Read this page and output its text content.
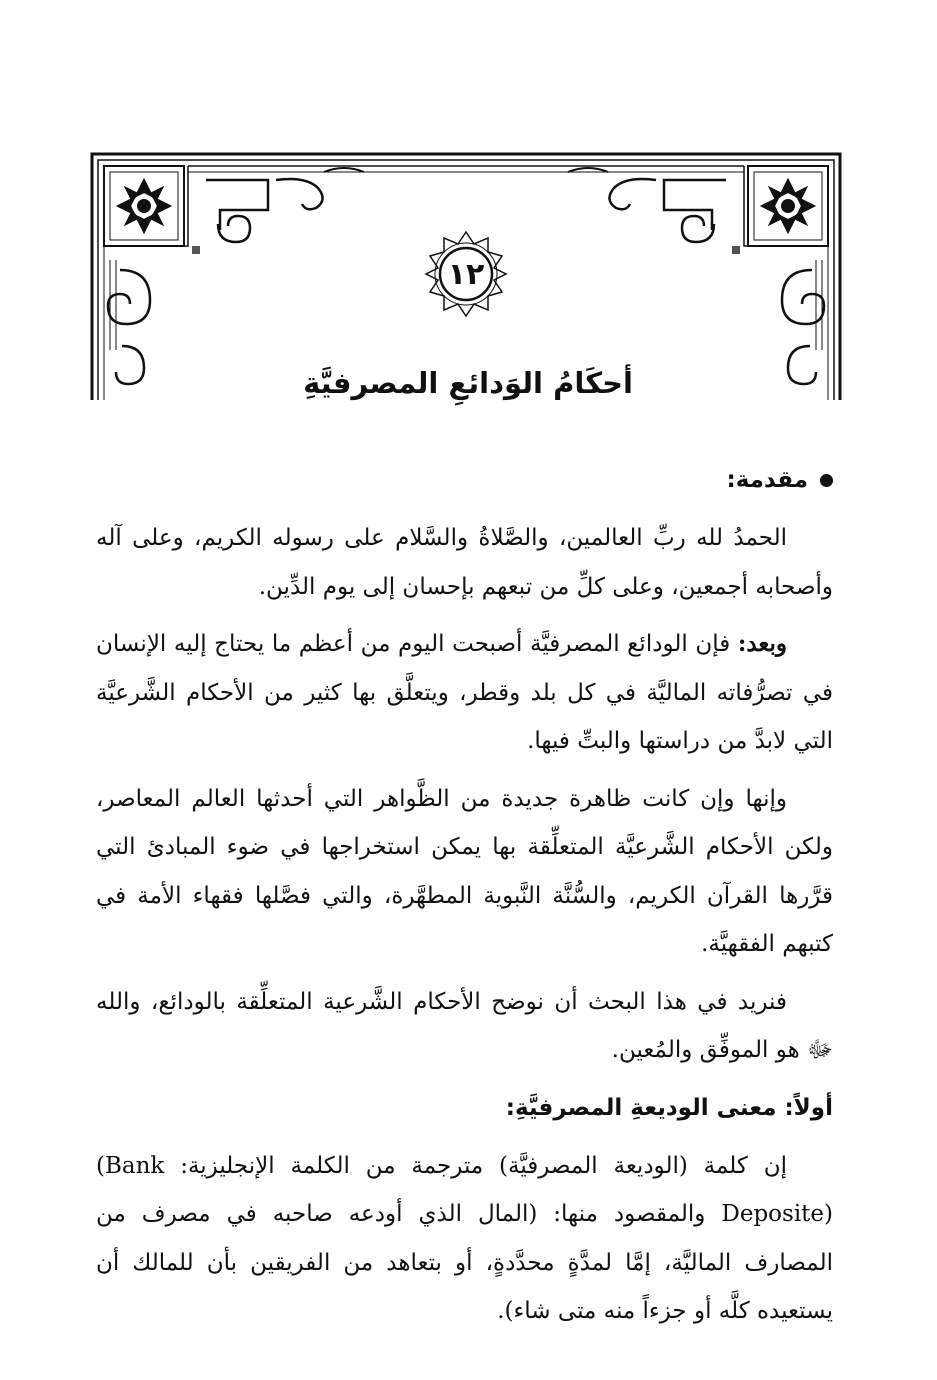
١٢
أحكَامُ الوَدائعِ المصرفيَّةِ
مقدمة:

الحمدُ لله ربِّ العالمين، والصَّلاةُ والسَّلام على رسوله الكريم، وعلى آله وأصحابه أجمعين، وعلى كلِّ من تبعهم بإحسان إلى يوم الدِّين.

وبعد: فإن الودائع المصرفيَّة أصبحت اليوم من أعظم ما يحتاج إليه الإنسان في تصرُّفاته الماليَّة في كل بلد وقطر، ويتعلَّق بها كثير من الأحكام الشَّرعيَّة التي لابدَّ من دراستها والبتِّ فيها.

وإنها وإن كانت ظاهرة جديدة من الظَّواهر التي أحدثها العالم المعاصر، ولكن الأحكام الشَّرعيَّة المتعلِّقة بها يمكن استخراجها في ضوء المبادئ التي قرَّرها القرآن الكريم، والسُّنَّة النَّبوية المطهَّرة، والتي فصَّلها فقهاء الأمة في كتبهم الفقهيَّة.

فنريد في هذا البحث أن نوضح الأحكام الشَّرعية المتعلِّقة بالودائع، والله ﷻ هو الموفِّق والمُعين.

أولاً: معنى الوديعةِ المصرفيَّةِ:

إن كلمة (الوديعة المصرفيَّة) مترجمة من الكلمة الإنجليزية: (Bank Deposite) والمقصود منها: (المال الذي أودعه صاحبه في مصرف من المصارف الماليَّة، إمَّا لمدَّةٍ محدَّدةٍ، أو بتعاهد من الفريقين بأن للمالك أن يستعيده كلَّه أو جزءاً منه متى شاء).
